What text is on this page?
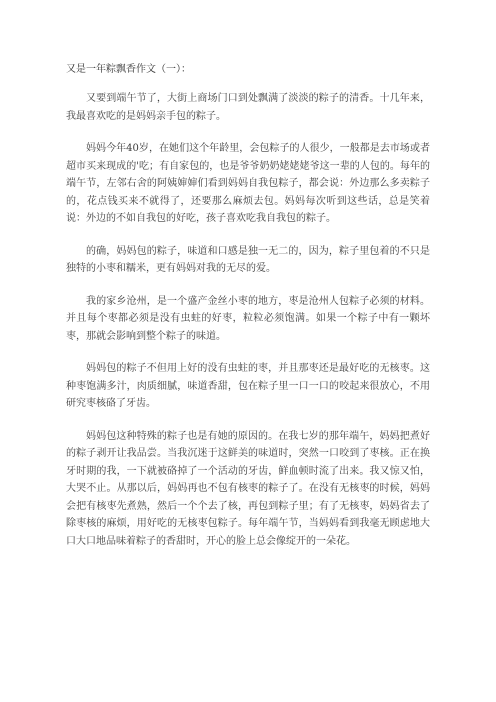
又是一年粽飘香作文（一）：

又要到端午节了，大街上商场门口到处飘满了淡淡的粽子的清香。十几年来，我最喜欢吃的是妈妈亲手包的粽子。

妈妈今年40岁，在她们这个年龄里，会包粽子的人很少，一般都是去市场或者超市买来现成的'吃；有自家包的，也是爷爷奶奶姥姥姥爷这一辈的人包的。每年的端午节，左邻右舍的阿姨婶婶们看到妈妈自我包粽子，都会说：外边那么多卖粽子的，花点钱买来不就得了，还要那么麻烦去包。妈妈每次听到这些话，总是笑着说：外边的不如自我包的好吃，孩子喜欢吃我自我包的粽子。

的确，妈妈包的粽子，味道和口感是独一无二的，因为，粽子里包着的不只是独特的小枣和糯米，更有妈妈对我的无尽的爱。

我的家乡沧州，是一个盛产金丝小枣的地方，枣是沧州人包粽子必须的材料。并且每个枣都必须是没有虫蛀的好枣，粒粒必须饱满。如果一个粽子中有一颗坏枣，那就会影响到整个粽子的味道。

妈妈包的粽子不但用上好的没有虫蛀的枣，并且那枣还是最好吃的无核枣。这种枣饱满多汁，肉质细腻，味道香甜，包在粽子里一口一口的咬起来很放心，不用研究枣核硌了牙齿。

妈妈包这种特殊的粽子也是有她的原因的。在我七岁的那年端午，妈妈把煮好的粽子剥开让我品尝。当我沉迷于这鲜美的味道时，突然一口咬到了枣核。正在换牙时期的我，一下就被硌掉了一个活动的牙齿，鲜血顿时流了出来。我又惊又怕，大哭不止。从那以后，妈妈再也不包有核枣的粽子了。在没有无核枣的时候，妈妈会把有核枣先煮熟，然后一个个去了核，再包到粽子里；有了无核枣，妈妈省去了除枣核的麻烦，用好吃的无核枣包粽子。每年端午节，当妈妈看到我毫无顾虑地大口大口地品味着粽子的香甜时，开心的脸上总会像绽开的一朵花。
